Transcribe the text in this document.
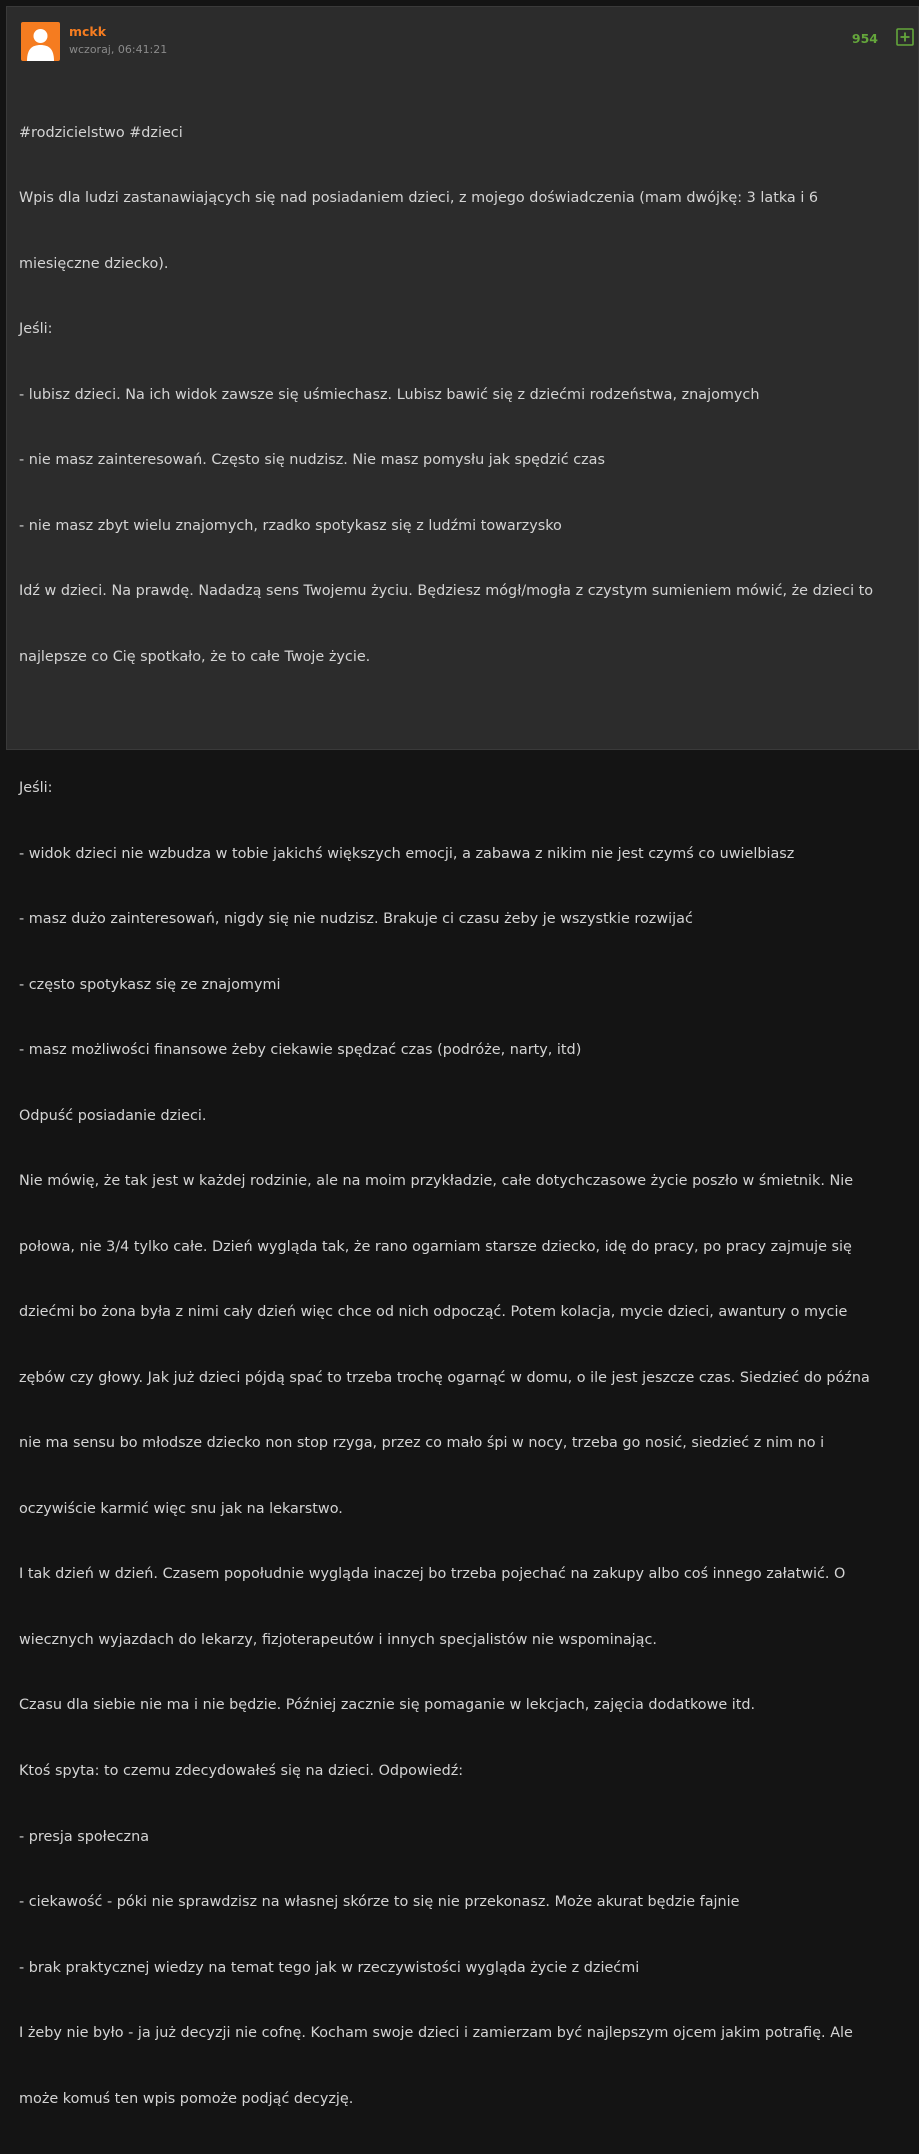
mckk
wczoraj, 06:41:21
954

#rodzicielstwo #dzieci

Wpis dla ludzi zastanawiających się nad posiadaniem dzieci, z mojego doświadczenia (mam dwójkę: 3 latka i 6

miesięczne dziecko).

Jeśli:

- lubisz dzieci. Na ich widok zawsze się uśmiechasz. Lubisz bawić się z dziećmi rodzeństwa, znajomych

- nie masz zainteresowań. Często się nudzisz. Nie masz pomysłu jak spędzić czas

- nie masz zbyt wielu znajomych, rzadko spotykasz się z ludźmi towarzysko

Idź w dzieci. Na prawdę. Nadadzą sens Twojemu życiu. Będziesz mógł/mogła z czystym sumieniem mówić, że dzieci to

najlepsze co Cię spotkało, że to całe Twoje życie.

Jeśli:

- widok dzieci nie wzbudza w tobie jakichś większych emocji, a zabawa z nikim nie jest czymś co uwielbiasz

- masz dużo zainteresowań, nigdy się nie nudzisz. Brakuje ci czasu żeby je wszystkie rozwijać

- często spotykasz się ze znajomymi

- masz możliwości finansowe żeby ciekawie spędzać czas (podróże, narty, itd)

Odpuść posiadanie dzieci.

Nie mówię, że tak jest w każdej rodzinie, ale na moim przykładzie, całe dotychczasowe życie poszło w śmietnik. Nie

połowa, nie 3/4 tylko całe. Dzień wygląda tak, że rano ogarniam starsze dziecko, idę do pracy, po pracy zajmuje się

dziećmi bo żona była z nimi cały dzień więc chce od nich odpocząć. Potem kolacja, mycie dzieci, awantury o mycie

zębów czy głowy. Jak już dzieci pójdą spać to trzeba trochę ogarnąć w domu, o ile jest jeszcze czas. Siedzieć do późna

nie ma sensu bo młodsze dziecko non stop rzyga, przez co mało śpi w nocy, trzeba go nosić, siedzieć z nim no i

oczywiście karmić więc snu jak na lekarstwo.

I tak dzień w dzień. Czasem popołudnie wygląda inaczej bo trzeba pojechać na zakupy albo coś innego załatwić. O

wiecznych wyjazdach do lekarzy, fizjoterapeutów i innych specjalistów nie wspominając.

Czasu dla siebie nie ma i nie będzie. Później zacznie się pomaganie w lekcjach, zajęcia dodatkowe itd.

Ktoś spyta: to czemu zdecydowałeś się na dzieci. Odpowiedź:

- presja społeczna

- ciekawość - póki nie sprawdzisz na własnej skórze to się nie przekonasz. Może akurat będzie fajnie

- brak praktycznej wiedzy na temat tego jak w rzeczywistości wygląda życie z dziećmi

I żeby nie było - ja już decyzji nie cofnę. Kocham swoje dzieci i zamierzam być najlepszym ojcem jakim potrafię. Ale

może komuś ten wpis pomoże podjąć decyzję.
